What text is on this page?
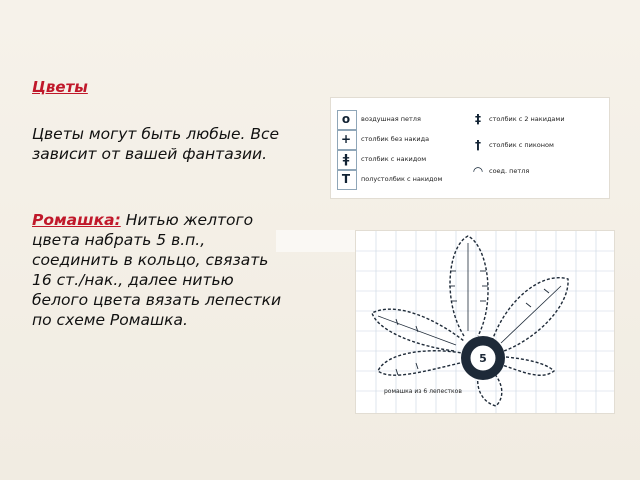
Цветы
Цветы могут быть любые. Все зависит от вашей фантазии.
Ромашка: Нитью желтого цвета набрать 5 в.п., соединить в кольцо, связать 16 ст./нак., далее нитью белого цвета вязать лепестки по схеме Ромашка.
o
+
ǂ
T
воздушная петля
столбик без накида
столбик с накидом
полустолбик с накидом
‡
†
◠
столбик с 2 накидами
столбик с пиконом
соед. петля
5
ромашка из 6 лепестков
